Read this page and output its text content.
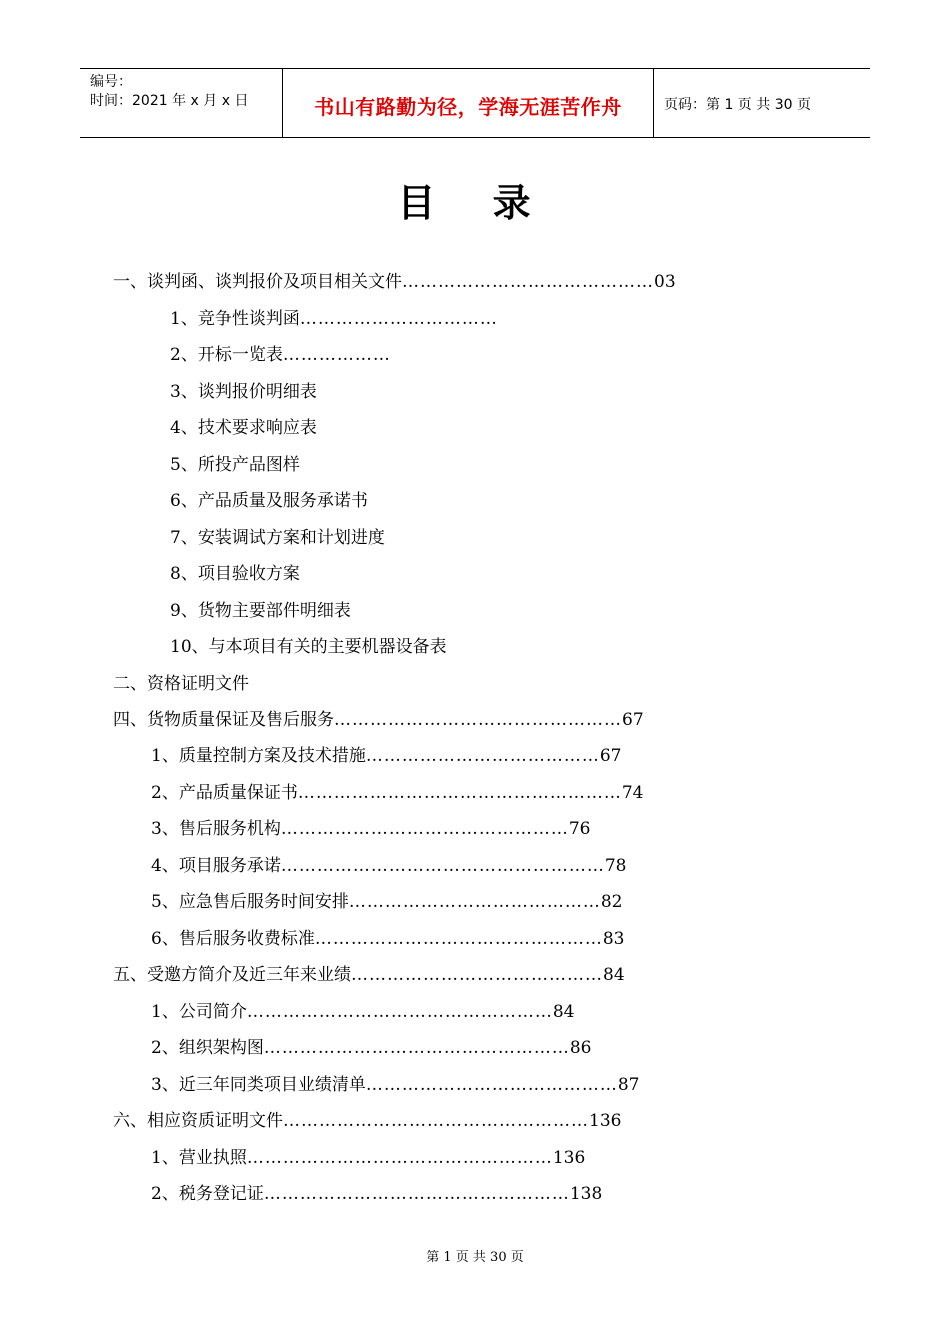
编号：
时间：2021 年 x 月 x 日	书山有路勤为径，学海无涯苦作舟	页码：第 1 页 共 30 页
目 录
一、谈判函、谈判报价及项目相关文件……………………………………03
1、竞争性谈判函……………………………
2、开标一览表………………
3、谈判报价明细表
4、技术要求响应表
5、所投产品图样
6、产品质量及服务承诺书
7、安装调试方案和计划进度
8、项目验收方案
9、货物主要部件明细表
10、与本项目有关的主要机器设备表
二、资格证明文件
四、货物质量保证及售后服务…………………………………………67
1、质量控制方案及技术措施…………………………………67
2、产品质量保证书………………………………………………74
3、售后服务机构…………………………………………76
4、项目服务承诺………………………………………………78
5、应急售后服务时间安排……………………………………82
6、售后服务收费标准…………………………………………83
五、受邀方简介及近三年来业绩……………………………………84
1、公司简介……………………………………………84
2、组织架构图……………………………………………86
3、近三年同类项目业绩清单……………………………………87
六、相应资质证明文件……………………………………………136
1、营业执照……………………………………………136
2、税务登记证……………………………………………138
第 1 页 共 30 页
